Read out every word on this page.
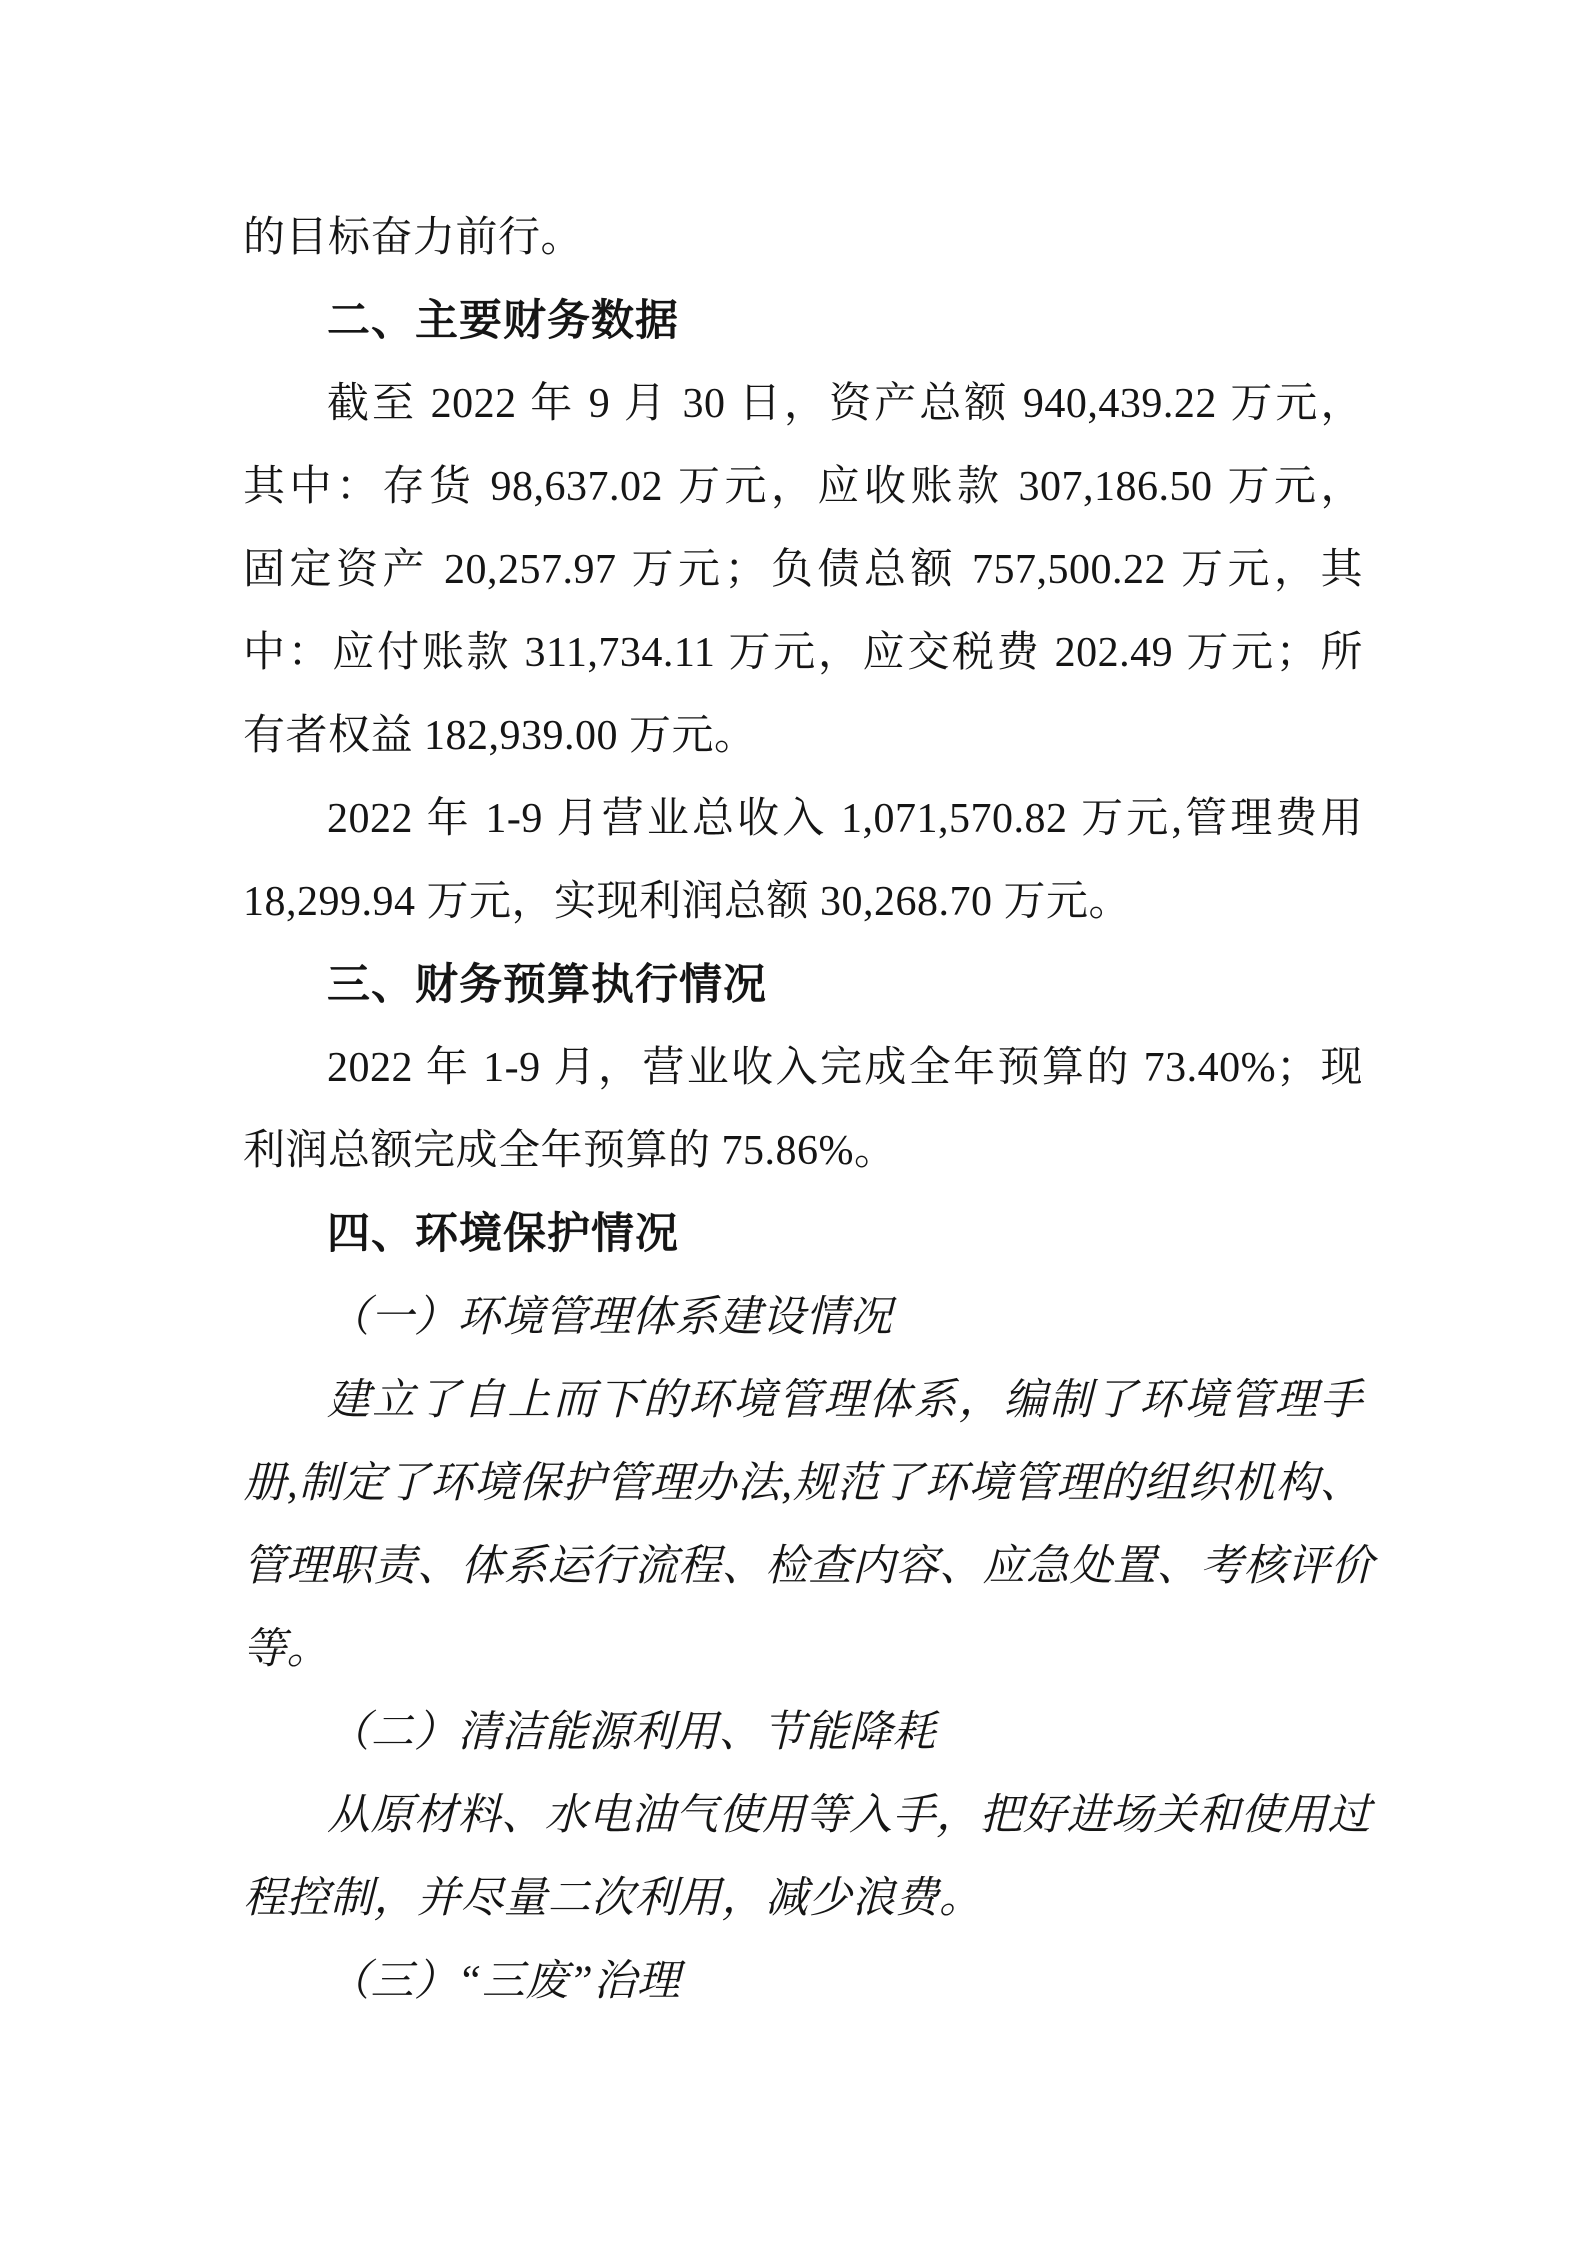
的目标奋力前行。
二、主要财务数据
截至 2022 年 9 月 30 日，资产总额 940,439.22 万元，
其中：存货 98,637.02 万元，应收账款 307,186.50 万元，
固定资产 20,257.97 万元；负债总额 757,500.22 万元，其
中：应付账款 311,734.11 万元，应交税费 202.49 万元；所
有者权益 182,939.00 万元。
2022 年 1-9 月营业总收入 1,071,570.82 万元,管理费用
18,299.94 万元，实现利润总额 30,268.70 万元。
三、财务预算执行情况
2022 年 1-9 月，营业收入完成全年预算的 73.40%；现
利润总额完成全年预算的 75.86%。
四、环境保护情况
（一）环境管理体系建设情况
建立了自上而下的环境管理体系，编制了环境管理手
册,制定了环境保护管理办法,规范了环境管理的组织机构、
管理职责、体系运行流程、检查内容、应急处置、考核评价
等。
（二）清洁能源利用、节能降耗
从原材料、水电油气使用等入手，把好进场关和使用过
程控制，并尽量二次利用，减少浪费。
（三）“三废”治理
